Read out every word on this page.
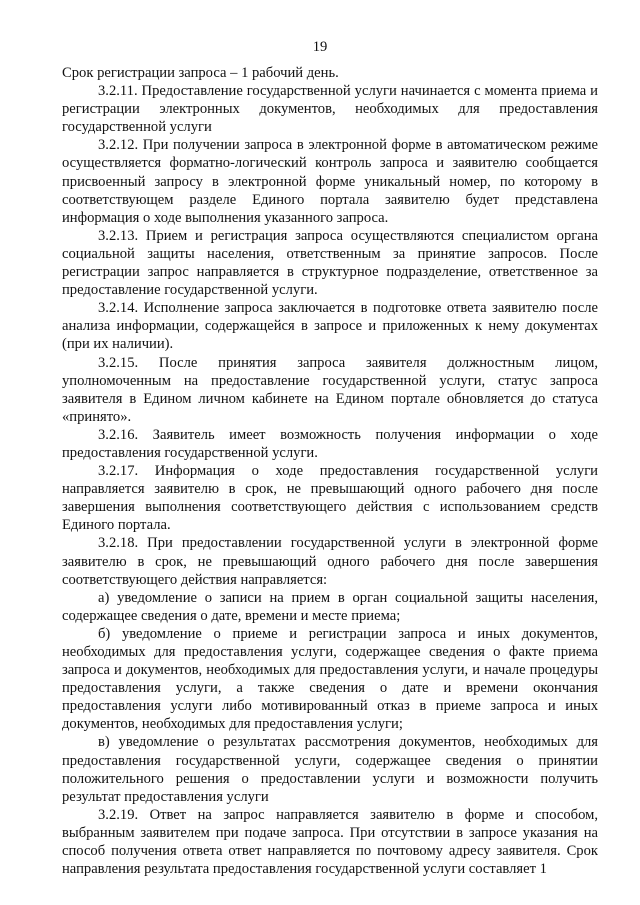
19

Срок регистрации запроса – 1 рабочий день.

3.2.11. Предоставление государственной услуги начинается с момента приема и регистрации электронных документов, необходимых для предоставления государственной услуги

3.2.12. При получении запроса в электронной форме в автоматическом режиме осуществляется форматно-логический контроль запроса и заявителю сообщается присвоенный запросу в электронной форме уникальный номер, по которому в соответствующем разделе Единого портала заявителю будет представлена информация о ходе выполнения указанного запроса.

3.2.13. Прием и регистрация запроса осуществляются специалистом органа социальной защиты населения, ответственным за принятие запросов. После регистрации запрос направляется в структурное подразделение, ответственное за предоставление государственной услуги.

3.2.14. Исполнение запроса заключается в подготовке ответа заявителю после анализа информации, содержащейся в запросе и приложенных к нему документах (при их наличии).

3.2.15. После принятия запроса заявителя должностным лицом, уполномоченным на предоставление государственной услуги, статус запроса заявителя в Едином личном кабинете на Едином портале обновляется до статуса «принято».

3.2.16. Заявитель имеет возможность получения информации о ходе предоставления государственной услуги.

3.2.17. Информация о ходе предоставления государственной услуги направляется заявителю в срок, не превышающий одного рабочего дня после завершения выполнения соответствующего действия с использованием средств Единого портала.

3.2.18. При предоставлении государственной услуги в электронной форме заявителю в срок, не превышающий одного рабочего дня после завершения соответствующего действия направляется:

а) уведомление о записи на прием в орган социальной защиты населения, содержащее сведения о дате, времени и месте приема;

б) уведомление о приеме и регистрации запроса и иных документов, необходимых для предоставления услуги, содержащее сведения о факте приема запроса и документов, необходимых для предоставления услуги, и начале процедуры предоставления услуги, а также сведения о дате и времени окончания предоставления услуги либо мотивированный отказ в приеме запроса и иных документов, необходимых для предоставления услуги;

в) уведомление о результатах рассмотрения документов, необходимых для предоставления государственной услуги, содержащее сведения о принятии положительного решения о предоставлении услуги и возможности получить результат предоставления услуги

3.2.19. Ответ на запрос направляется заявителю в форме и способом, выбранным заявителем при подаче запроса. При отсутствии в запросе указания на способ получения ответа ответ направляется по почтовому адресу заявителя. Срок направления результата предоставления государственной услуги составляет 1
